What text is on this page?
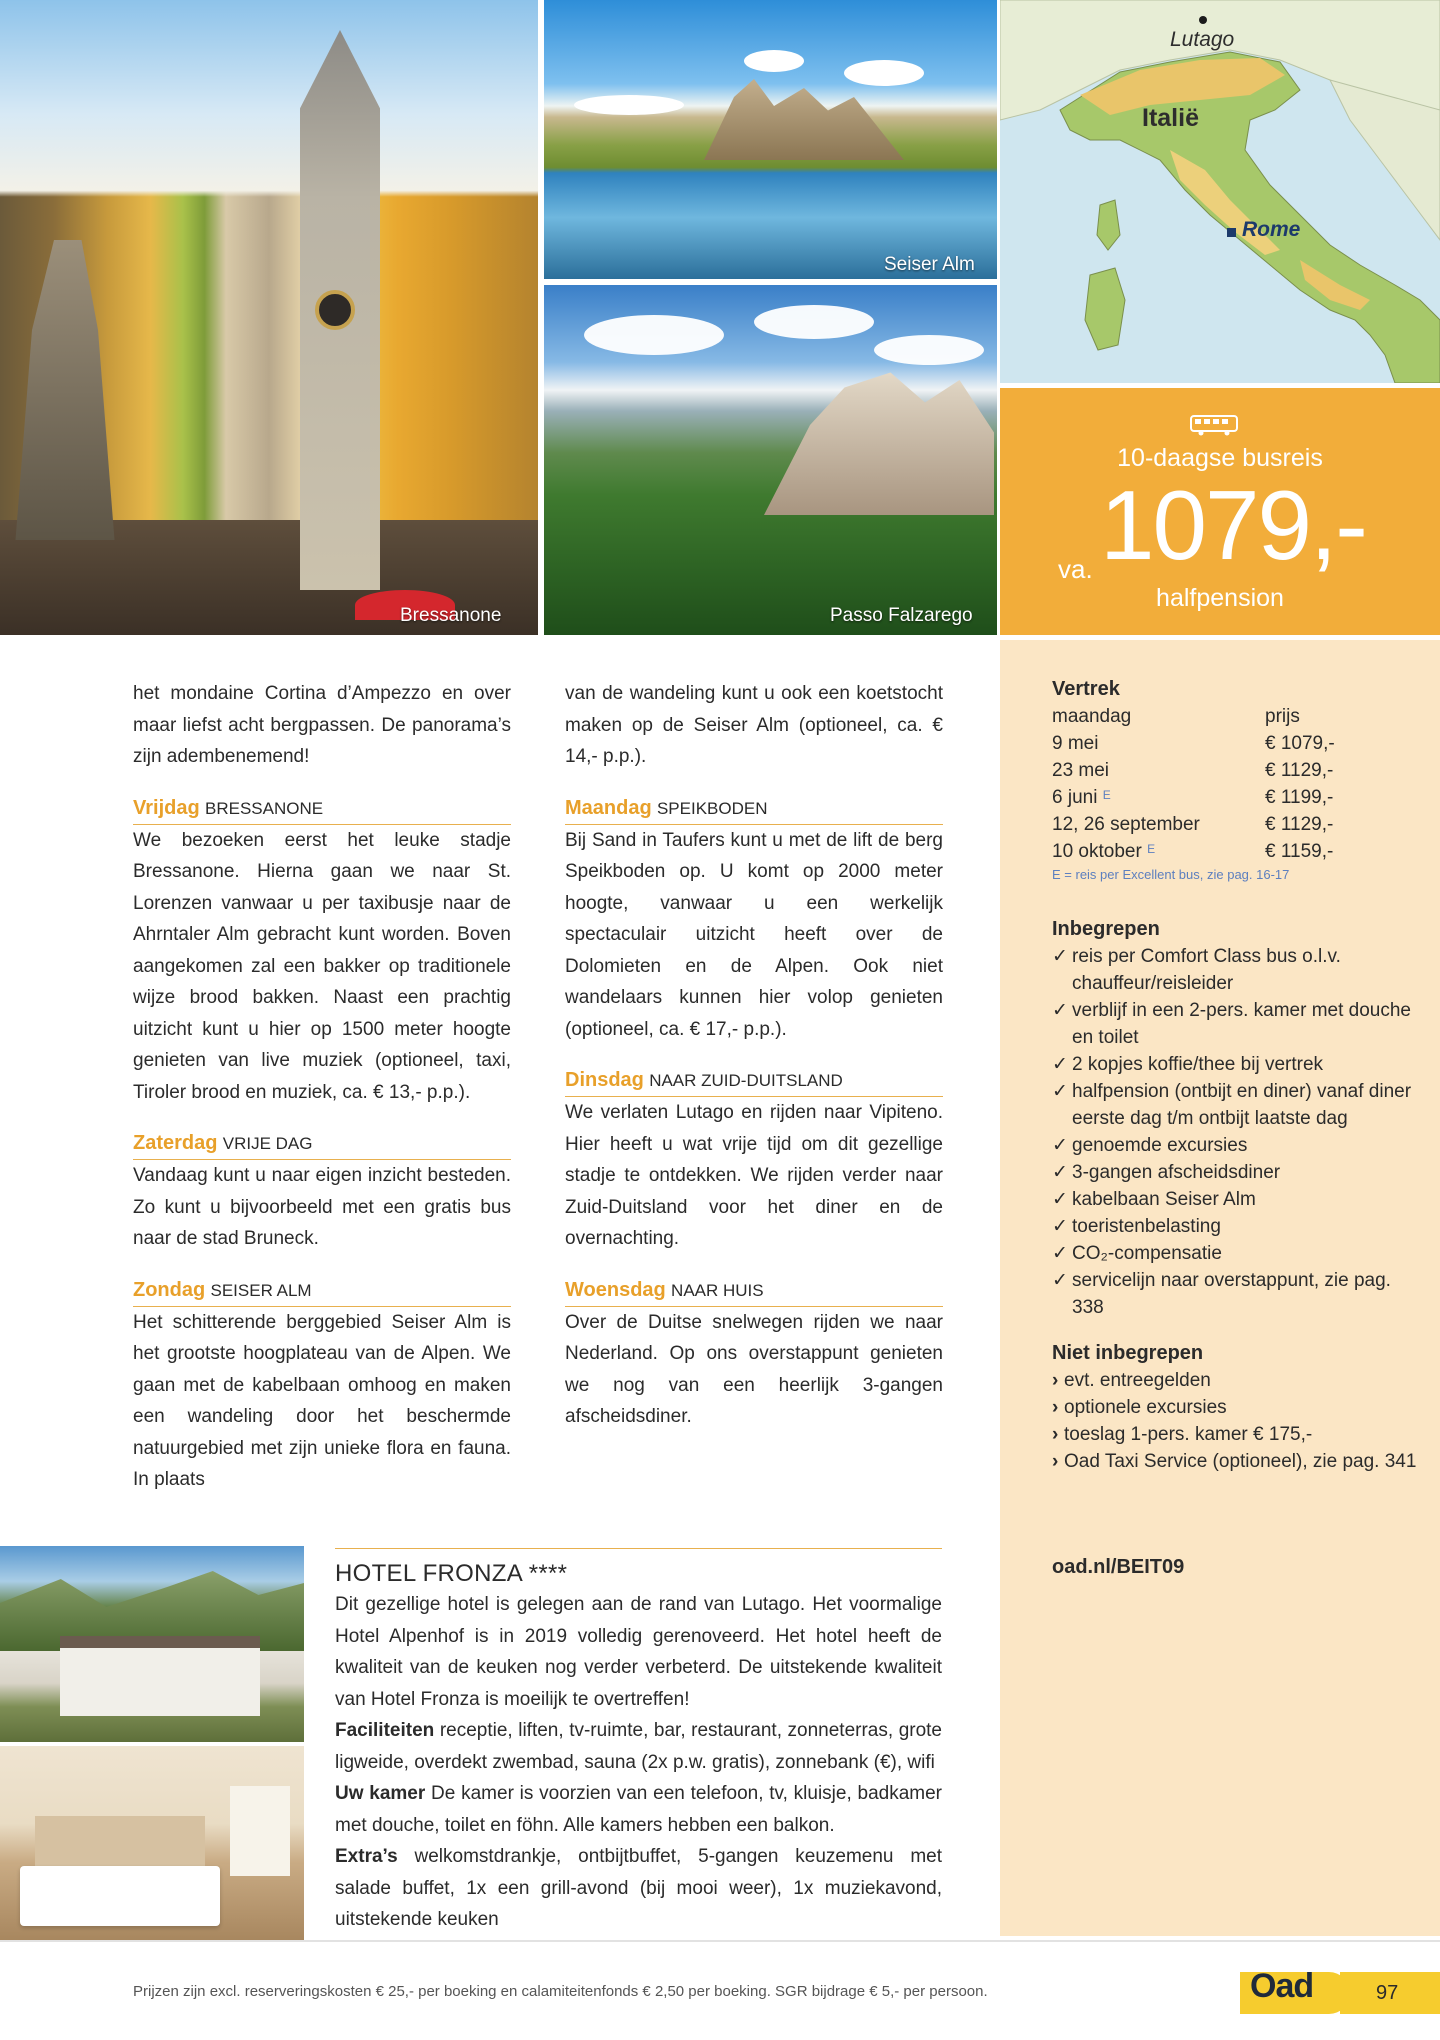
Bressanone
Seiser Alm
Passo Falzarego
Lutago
Italië
Rome
10-daagse busreis
va. 1079,-
halfpension

het mondaine Cortina d’Ampezzo en over maar liefst acht bergpassen. De panorama’s zijn adembenemend!

Vrijdag BRESSANONE

We bezoeken eerst het leuke stadje Bressanone. Hierna gaan we naar St. Lorenzen vanwaar u per taxibusje naar de Ahrntaler Alm gebracht kunt worden. Boven aangekomen zal een bakker op traditionele wijze brood bakken. Naast een prachtig uitzicht kunt u hier op 1500 meter hoogte genieten van live muziek (optioneel, taxi, Tiroler brood en muziek, ca. € 13,- p.p.).

Zaterdag VRIJE DAG

Vandaag kunt u naar eigen inzicht besteden. Zo kunt u bijvoorbeeld met een gratis bus naar de stad Bruneck.

Zondag SEISER ALM

Het schitterende berggebied Seiser Alm is het grootste hoogplateau van de Alpen. We gaan met de kabelbaan omhoog en maken een wandeling door het beschermde natuurgebied met zijn unieke flora en fauna. In plaats

van de wandeling kunt u ook een koetstocht maken op de Seiser Alm (optioneel, ca. € 14,- p.p.).

Maandag SPEIKBODEN

Bij Sand in Taufers kunt u met de lift de berg Speikboden op. U komt op 2000 meter hoogte, vanwaar u een werkelijk spectaculair uitzicht heeft over de Dolomieten en de Alpen. Ook niet wandelaars kunnen hier volop genieten (optioneel, ca. € 17,- p.p.).

Dinsdag NAAR ZUID-DUITSLAND

We verlaten Lutago en rijden naar Vipiteno. Hier heeft u wat vrije tijd om dit gezellige stadje te ontdekken. We rijden verder naar Zuid-Duitsland voor het diner en de overnachting.

Woensdag NAAR HUIS

Over de Duitse snelwegen rijden we naar Nederland. Op ons overstappunt genieten we nog van een heerlijk 3-gangen afscheidsdiner.

Vertrek
maandag	prijs
9 mei	€ 1079,-
23 mei	€ 1129,-
6 juni $^E$	€ 1199,-
12, 26 september	€ 1129,-
10 oktober $^E$	€ 1159,-
E = reis per Excellent bus, zie pag. 16-17
Inbegrepen
✓ reis per Comfort Class bus o.l.v. chauffeur/reisleider
✓ verblijf in een 2-pers. kamer met douche en toilet
✓ 2 kopjes koffie/thee bij vertrek
✓ halfpension (ontbijt en diner) vanaf diner eerste dag t/m ontbijt laatste dag
✓ genoemde excursies
✓ 3-gangen afscheidsdiner
✓ kabelbaan Seiser Alm
✓ toeristenbelasting
✓ CO₂-compensatie
✓ servicelijn naar overstappunt, zie pag. 338
Niet inbegrepen
› evt. entreegelden
› optionele excursies
› toeslag 1-pers. kamer € 175,-
› Oad Taxi Service (optioneel), zie pag. 341
oad.nl/BEIT09
HOTEL FRONZA ****

Dit gezellige hotel is gelegen aan de rand van Lutago. Het voormalige Hotel Alpenhof is in 2019 volledig gerenoveerd. Het hotel heeft de kwaliteit van de keuken nog verder verbeterd. De uitstekende kwaliteit van Hotel Fronza is moeilijk te overtreffen!

Faciliteiten receptie, liften, tv-ruimte, bar, restaurant, zonneterras, grote ligweide, overdekt zwembad, sauna (2x p.w. gratis), zonnebank (€), wifi

Uw kamer De kamer is voorzien van een telefoon, tv, kluisje, badkamer met douche, toilet en föhn. Alle kamers hebben een balkon.

Extra’s welkomstdrankje, ontbijtbuffet, 5-gangen keuzemenu met salade buffet, 1x een grill-avond (bij mooi weer), 1x muziekavond, uitstekende keuken

Prijzen zijn excl. reserveringskosten € 25,- per boeking en calamiteitenfonds € 2,50 per boeking. SGR bijdrage € 5,- per persoon.	97
Oad
